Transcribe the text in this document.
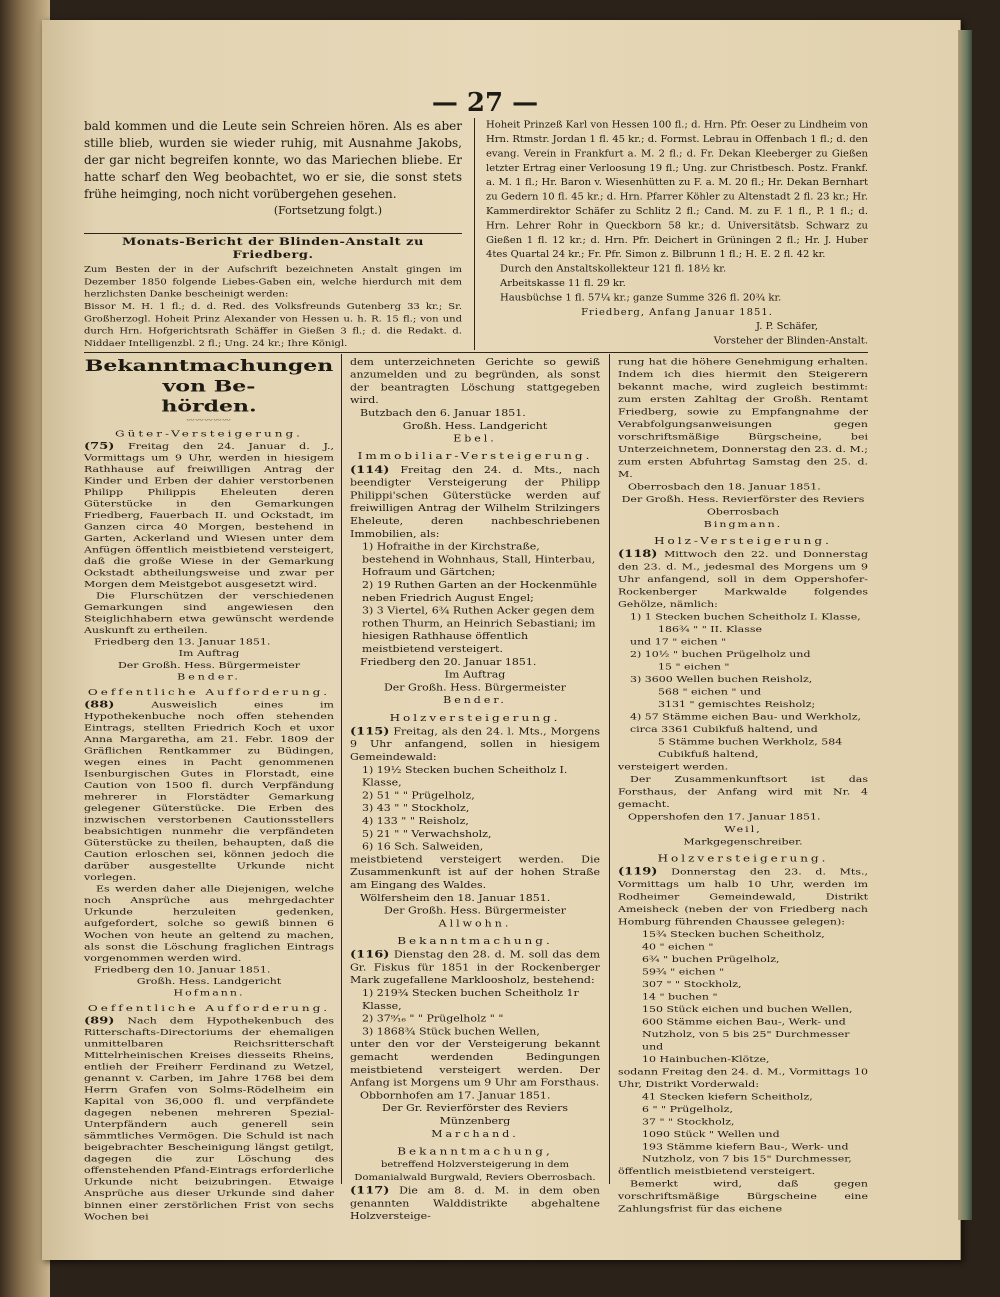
— 27 —

bald kommen und die Leute sein Schreien hören. Als es aber stille blieb, wurden sie wieder ruhig, mit Ausnahme Jakobs, der gar nicht begreifen konnte, wo das Mariechen bliebe. Er hatte scharf den Weg beobachtet, wo er sie, die sonst stets frühe heimging, noch nicht vorübergehen gesehen.

(Fortsetzung folgt.)

Monats-Bericht der Blinden-Anstalt zu Friedberg.

Zum Besten der in der Aufschrift bezeichneten Anstalt gingen im Dezember 1850 folgende Liebes-Gaben ein, welche hierdurch mit dem herzlichsten Danke bescheinigt werden:

Bissor M. H. 1 fl.; d. d. Red. des Volksfreunds Gutenberg 33 kr.; Sr. Großherzogl. Hoheit Prinz Alexander von Hessen u. h. R. 15 fl.; von und durch Hrn. Hofgerichtsrath Schäffer in Gießen 3 fl.; d. die Redakt. d. Niddaer Intelligenzbl. 2 fl.; Ung. 24 kr.; Ihre Königl.

Hoheit Prinzeß Karl von Hessen 100 fl.; d. Hrn. Pfr. Oeser zu Lindheim von Hrn. Rtmstr. Jordan 1 fl. 45 kr.; d. Formst. Lebrau in Offenbach 1 fl.; d. den evang. Verein in Frankfurt a. M. 2 fl.; d. Fr. Dekan Kleeberger zu Gießen letzter Ertrag einer Verloosung 19 fl.; Ung. zur Christbesch. Postz. Frankf. a. M. 1 fl.; Hr. Baron v. Wiesenhütten zu F. a. M. 20 fl.; Hr. Dekan Bernhart zu Gedern 10 fl. 45 kr.; d. Hrn. Pfarrer Köhler zu Altenstadt 2 fl. 23 kr.; Hr. Kammerdirektor Schäfer zu Schlitz 2 fl.; Cand. M. zu F. 1 fl., P. 1 fl.; d. Hrn. Lehrer Rohr in Queckborn 58 kr.; d. Universitätsb. Schwarz zu Gießen 1 fl. 12 kr.; d. Hrn. Pfr. Deichert in Grüningen 2 fl.; Hr. J. Huber 4tes Quartal 24 kr.; Fr. Pfr. Simon z. Bilbrunn 1 fl.; H. E. 2 fl. 42 kr.

Durch den Anstaltskollekteur 121 fl. 18½ kr.

Arbeitskasse 11 fl. 29 kr.

Hausbüchse 1 fl. 57¼ kr.; ganze Summe 326 fl. 20¾ kr.

Friedberg, Anfang Januar 1851.

J. P. Schäfer,

Vorsteher der Blinden-Anstalt.

Bekanntmachungen von Be-

hörden.

〰〰〰〰〰

Güter-Versteigerung.

(75) Freitag den 24. Januar d. J., Vormittags um 9 Uhr, werden in hiesigem Rathhause auf freiwilligen Antrag der Kinder und Erben der dahier verstorbenen Philipp Philippis Eheleuten deren Güterstücke in den Gemarkungen Friedberg, Fauerbach II. und Ockstadt, im Ganzen circa 40 Morgen, bestehend in Garten, Ackerland und Wiesen unter dem Anfügen öffentlich meistbietend versteigert, daß die große Wiese in der Gemarkung Ockstadt abtheilungsweise und zwar per Morgen dem Meistgebot ausgesetzt wird.

Die Flurschützen der verschiedenen Gemarkungen sind angewiesen den Steiglichhabern etwa gewünscht werdende Auskunft zu ertheilen.

Friedberg den 13. Januar 1851.

Im Auftrag

Der Großh. Hess. Bürgermeister

Bender.

Oeffentliche Aufforderung.

(88)	Ausweislich eines im Hypothekenbuche noch offen stehenden Eintrags, stellten Friedrich Koch et uxor Anna Margaretha, am 21. Febr. 1809 der Gräflichen Rentkammer zu Büdingen, wegen eines in Pacht genommenen Isenburgischen Gutes in Florstadt, eine Caution von 1500 fl. durch Verpfändung mehrerer in Florstädter Gemarkung gelegener Güterstücke. Die Erben des inzwischen verstorbenen Cautionsstellers beabsichtigen nunmehr die verpfändeten Güterstücke zu theilen, behaupten, daß die Caution erloschen sei, können jedoch die darüber ausgestellte Urkunde nicht vorlegen.

Es werden daher alle Diejenigen, welche noch Ansprüche aus mehrgedachter Urkunde herzuleiten gedenken, aufgefordert, solche so gewiß binnen 6 Wochen von heute an geltend zu machen, als sonst die Löschung fraglichen Eintrags vorgenommen werden wird.

Friedberg den 10. Januar 1851.

Großh. Hess. Landgericht

Hofmann.

Oeffentliche Aufforderung.

(89) Nach dem Hypothekenbuch des Ritterschafts-Directoriums der ehemaligen unmittelbaren Reichsritterschaft Mittelrheinischen Kreises diesseits Rheins, entlieh der Freiherr Ferdinand zu Wetzel, genannt v. Carben, im Jahre 1768 bei dem Herrn Grafen von Solms-Rödelheim ein Kapital von 36,000 fl. und verpfändete dagegen nebenen mehreren Spezial-Unterpfändern auch generell sein sämmtliches Vermögen. Die Schuld ist nach beigebrachter Bescheinigung längst getilgt, dagegen die zur Löschung des offenstehenden Pfand-Eintrags erforderliche Urkunde nicht beizubringen. Etwaige Ansprüche aus dieser Urkunde sind daher binnen einer zerstörlichen Frist von sechs Wochen bei

dem unterzeichneten Gerichte so gewiß anzumelden und zu begründen, als sonst der beantragten Löschung stattgegeben wird.

Butzbach den 6. Januar 1851.

Großh. Hess. Landgericht

Ebel.

Immobiliar-Versteigerung.

(114) Freitag den 24. d. Mts., nach beendigter Versteigerung der Philipp Philippi'schen Güterstücke werden auf freiwilligen Antrag der Wilhelm Strilzingers Eheleute, deren nachbeschriebenen Immobilien, als:

1) Hofraithe in der Kirchstraße, bestehend in Wohnhaus, Stall, Hinterbau, Hofraum und Gärtchen;

2) 19 Ruthen Garten an der Hockenmühle neben Friedrich August Engel;

3) 3 Viertel, 6¾ Ruthen Acker gegen dem rothen Thurm, an Heinrich Sebastiani; im hiesigen Rathhause öffentlich meistbietend versteigert.

Friedberg den 20. Januar 1851.

Im Auftrag

Der Großh. Hess. Bürgermeister

Bender.

Holzversteigerung.

(115) Freitag, als den 24. l. Mts., Morgens 9 Uhr anfangend, sollen in hiesigem Gemeindewald:

1) 19½ Stecken buchen Scheitholz I. Klasse,

2) 51 " " Prügelholz,

3) 43 " " Stockholz,

4) 133 " " Reisholz,

5) 21 " " Verwachsholz,

6) 16 Sch. Salweiden,

meistbietend versteigert werden. Die Zusammenkunft ist auf der hohen Straße am Eingang des Waldes.

Wölfersheim den 18. Januar 1851.

Der Großh. Hess. Bürgermeister

Allwohn.

Bekanntmachung.

(116) Dienstag den 28. d. M. soll das dem Gr. Fiskus für 1851 in der Rockenberger Mark zugefallene Markloosholz, bestehend:

1) 219¾ Stecken buchen Scheitholz 1r Klasse,

2) 37⁹⁄₁₆ " " Prügelholz " "

3) 1868¾ Stück buchen Wellen,

unter den vor der Versteigerung bekannt gemacht werdenden Bedingungen meistbietend versteigert werden. Der Anfang ist Morgens um 9 Uhr am Forsthaus.

Obbornhofen am 17. Januar 1851.

Der Gr. Revierförster des Reviers Münzenberg

Marchand.

Bekanntmachung,

betreffend Holzversteigerung in dem Domanialwald Burgwald, Reviers Oberrosbach.

(117) Die am 8. d. M. in dem oben genannten Walddistrikte abgehaltene Holzversteige-

rung hat die höhere Genehmigung erhalten. Indem ich dies hiermit den Steigerern bekannt mache, wird zugleich bestimmt: zum ersten Zahltag der Großh. Rentamt Friedberg, sowie zu Empfangnahme der Verabfolgungsanweisungen gegen vorschriftsmäßige Bürgscheine, bei Unterzeichnetem, Donnerstag den 23. d. M.; zum ersten Abfuhrtag Samstag den 25. d. M.

Oberrosbach den 18. Januar 1851.

Der Großh. Hess. Revierförster des Reviers Oberrosbach

Bingmann.

Holz-Versteigerung.

(118) Mittwoch den 22. und Donnerstag den 23. d. M., jedesmal des Morgens um 9 Uhr anfangend, soll in dem Oppershofer-Rockenberger Markwalde folgendes Gehölze, nämlich:

1) 1 Stecken buchen Scheitholz I. Klasse,

186¾ " " II. Klasse

und 17 " eichen "

2) 10½ " buchen Prügelholz und

15 " eichen "

3) 3600 Wellen buchen Reisholz,

568 " eichen " und

3131 " gemischtes Reisholz;

4) 57 Stämme eichen Bau- und Werkholz, circa 3361 Cubikfuß haltend, und

5 Stämme buchen Werkholz, 584 Cubikfuß haltend,

versteigert werden.

Der Zusammenkunftsort ist das Forsthaus, der Anfang wird mit Nr. 4 gemacht.

Oppershofen den 17. Januar 1851.

Weil,

Markgegenschreiber.

Holzversteigerung.

(119) Donnerstag den 23. d. Mts., Vormittags um halb 10 Uhr, werden im Rodheimer Gemeindewald, Distrikt Ameisheck (neben der von Friedberg nach Homburg führenden Chaussee gelegen):

15¾ Stecken buchen Scheitholz,

40 " eichen "

6¾ " buchen Prügelholz,

59¾ " eichen "

307 " " Stockholz,

14 " buchen "

150 Stück eichen und buchen Wellen,

600 Stämme eichen Bau-, Werk- und Nutzholz, von 5 bis 25" Durchmesser und

10 Hainbuchen-Klötze,

sodann Freitag den 24. d. M., Vormittags 10 Uhr, Distrikt Vorderwald:

41 Stecken kiefern Scheitholz,

6 " " Prügelholz,

37 " " Stockholz,

1090 Stück " Wellen und

193 Stämme kiefern Bau-, Werk- und Nutzholz, von 7 bis 15" Durchmesser,

öffentlich meistbietend versteigert.

Bemerkt wird, daß gegen vorschriftsmäßige Bürgscheine eine Zahlungsfrist für das eichene
